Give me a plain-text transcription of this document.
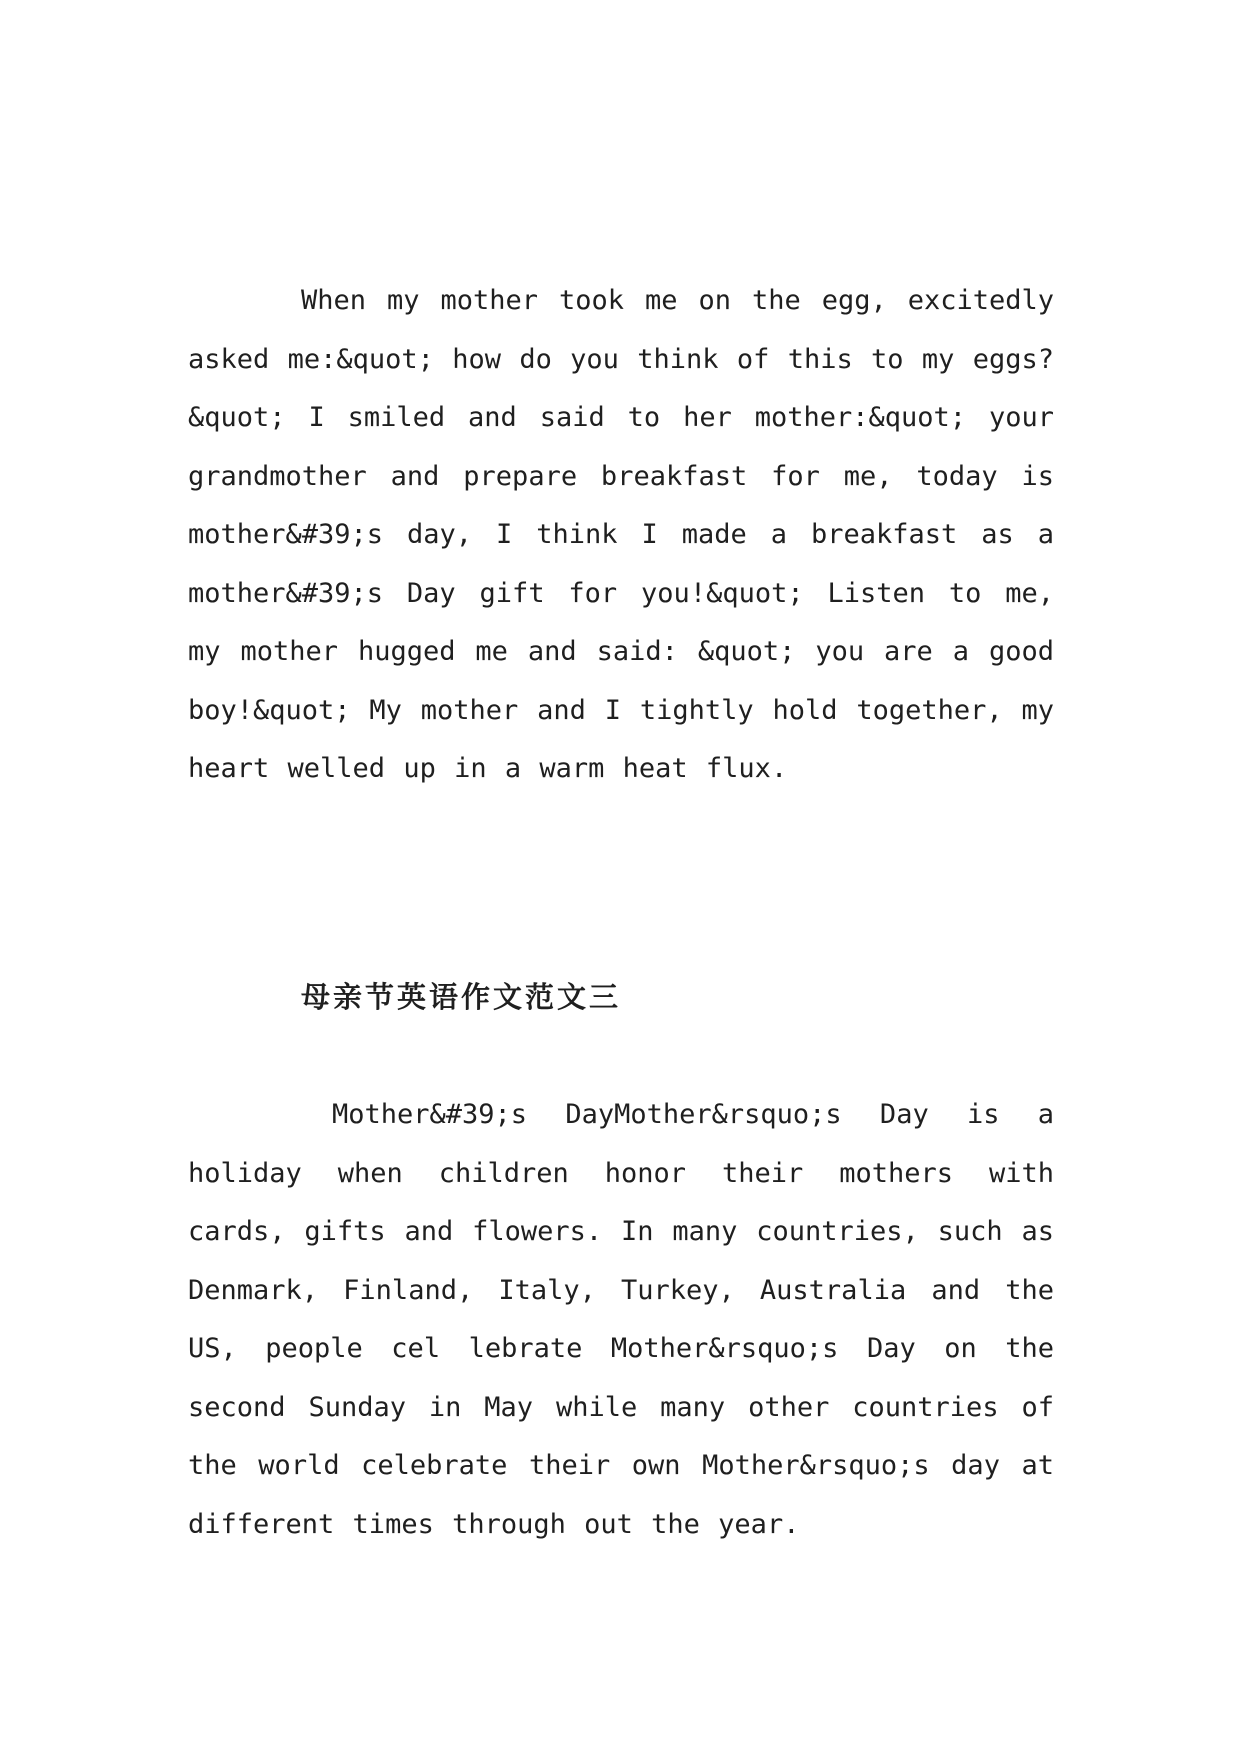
When my mother took me on the egg, excitedly asked me:&quot; how do you think of this to my eggs?&quot; I smiled and said to her mother:&quot; your grandmother and prepare breakfast for me, today is mother&#39;s day, I think I made a breakfast as a mother&#39;s Day gift for you!&quot; Listen to me, my mother hugged me and said: &quot; you are a good boy!&quot; My mother and I tightly hold together, my heart welled up in a warm heat flux.

母亲节英语作文范文三

Mother&#39;s DayMother&rsquo;s Day is a holiday when children honor their mothers with cards, gifts and flowers. In many countries, such as Denmark, Finland, Italy, Turkey, Australia and the US, people cel lebrate Mother&rsquo;s Day on the second Sunday in May while many other countries of the world celebrate their own Mother&rsquo;s day at different times through out the year.
